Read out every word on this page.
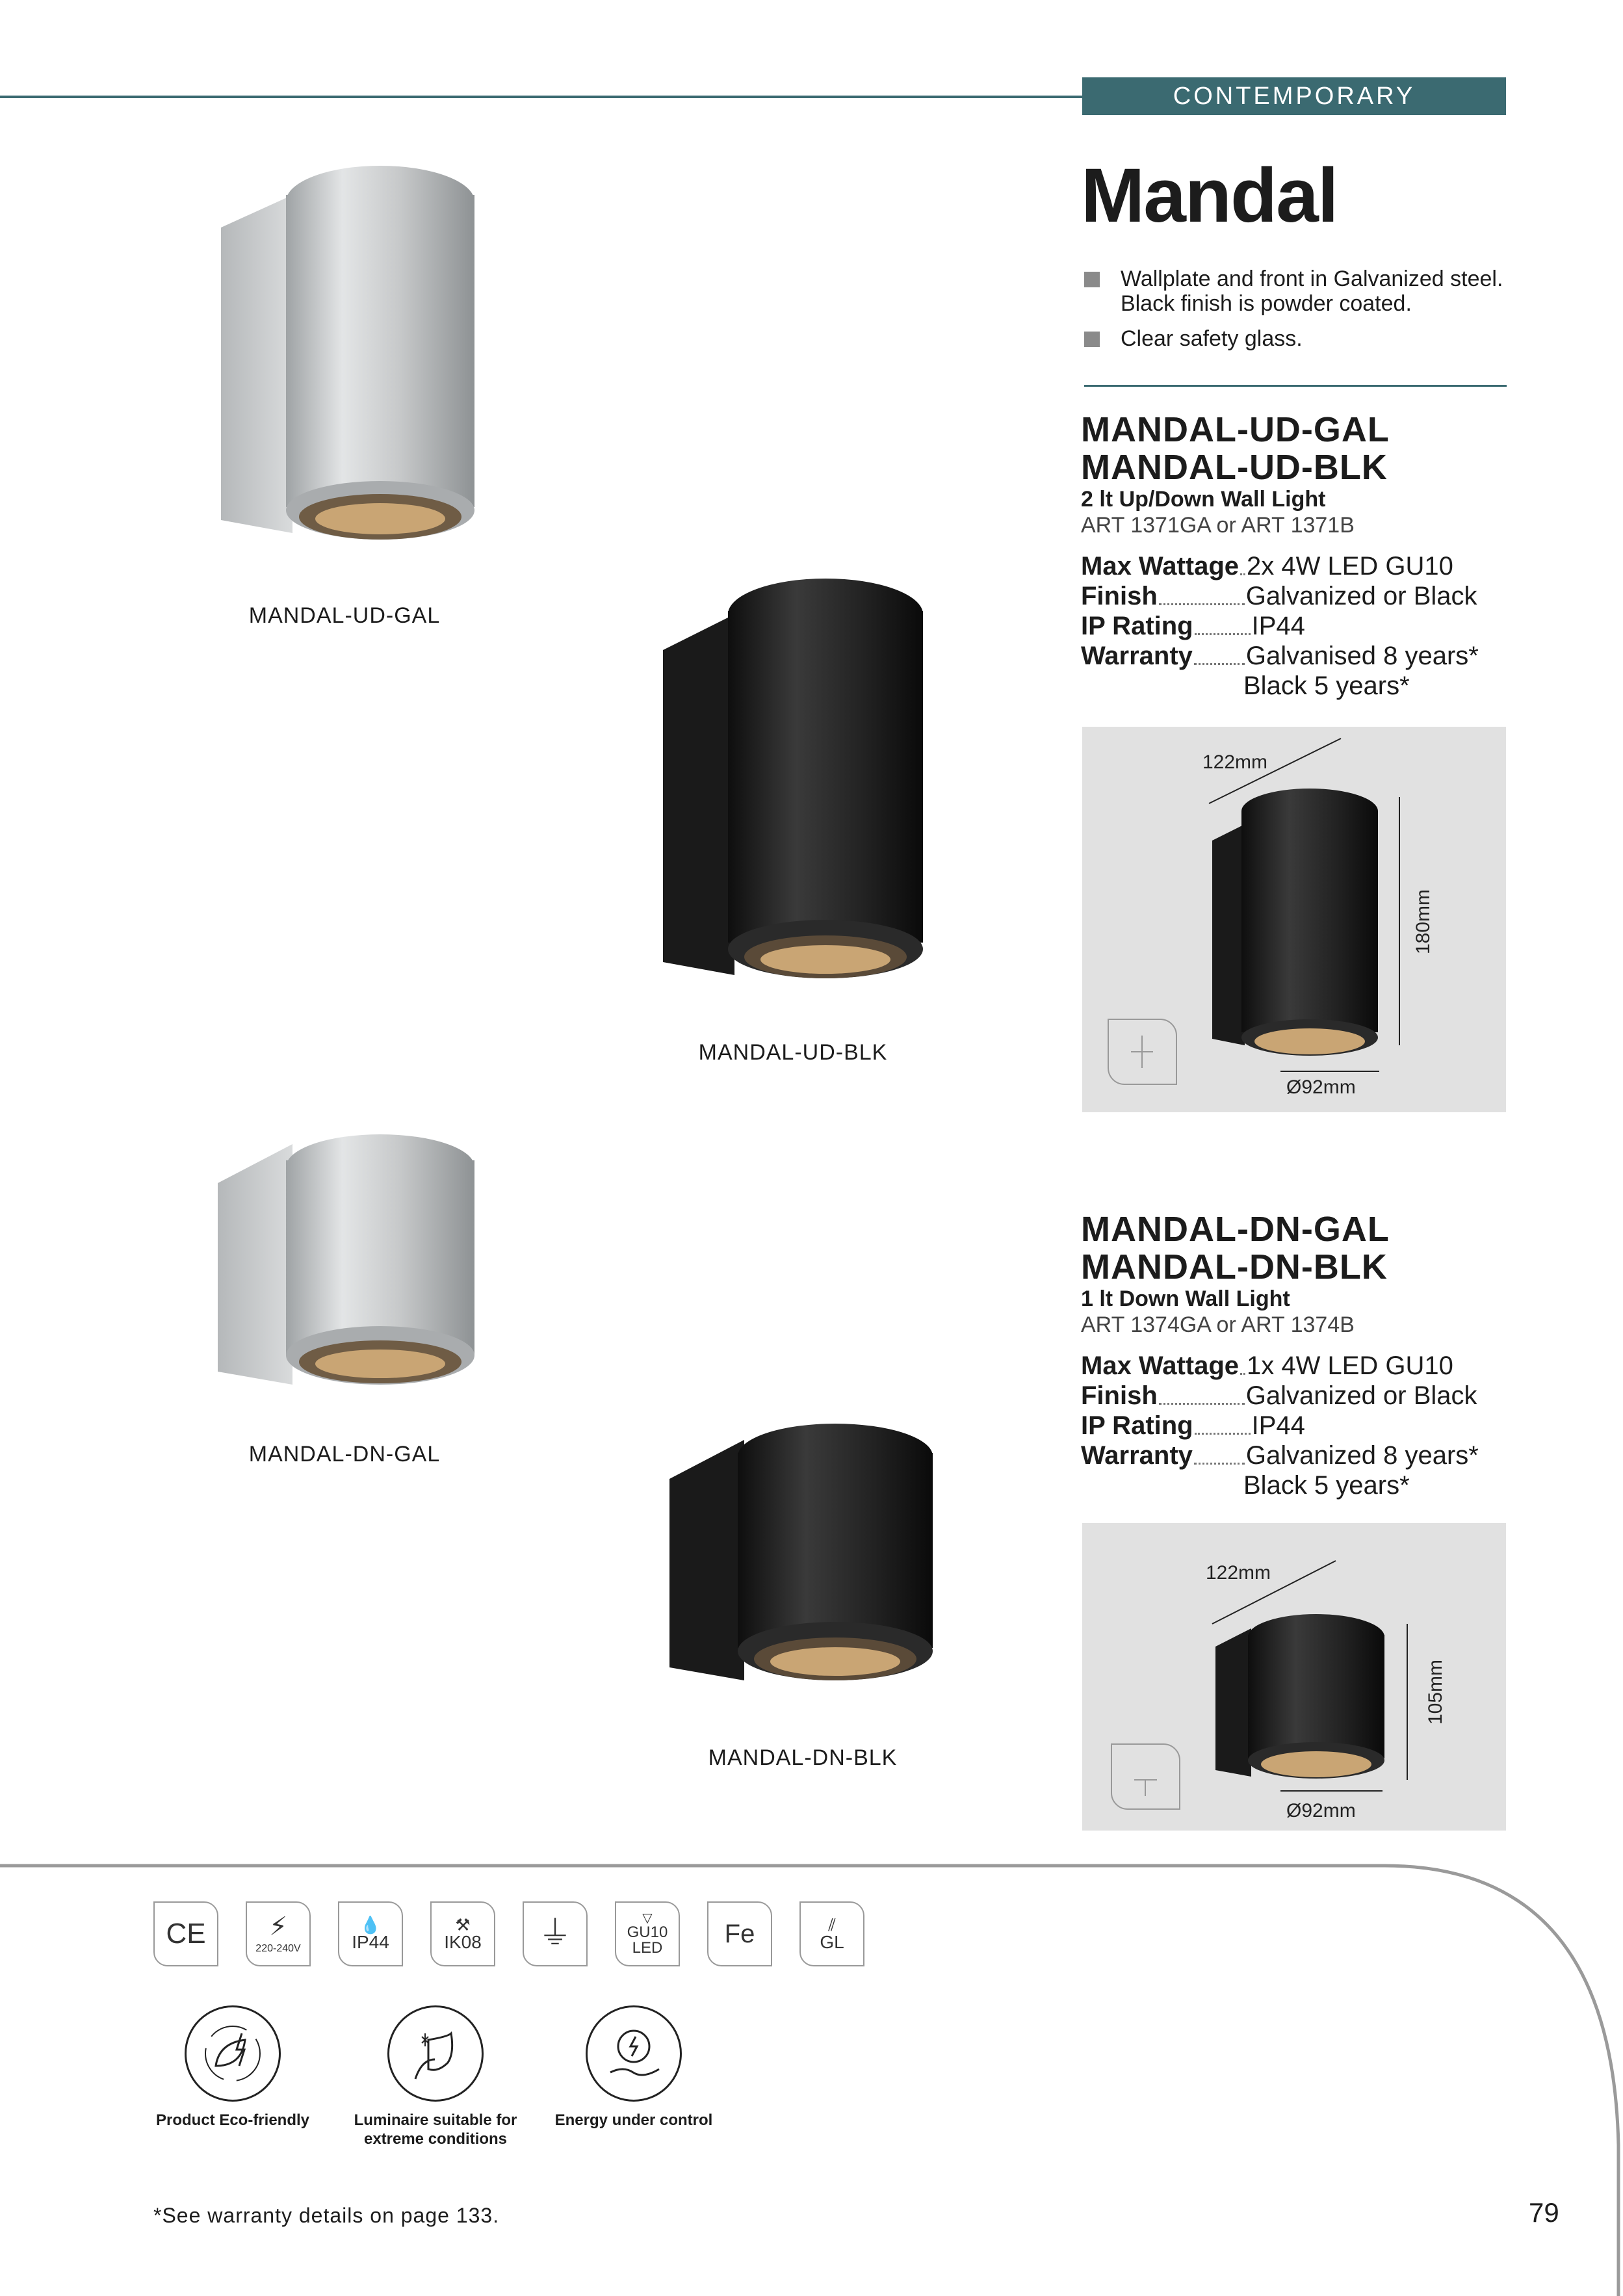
CONTEMPORARY
Mandal
Wallplate and front in Galvanized steel. Black finish is powder coated.
Clear safety glass.
MANDAL-UD-GAL
MANDAL-UD-BLK
MANDAL-DN-GAL
MANDAL-DN-BLK
MANDAL-UD-GAL
MANDAL-UD-BLK
2 lt Up/Down Wall Light
ART 1371GA or ART 1371B
Max Wattage 2x 4W LED GU10
Finish	Galvanized or Black
IP Rating IP44
Warranty Galvanised 8 years*
Black 5 years*
122mm
180mm
Ø92mm
MANDAL-DN-GAL
MANDAL-DN-BLK
1 lt Down Wall Light
ART 1374GA or ART 1374B
Max Wattage 1x 4W LED GU10
Finish	Galvanized or Black
IP Rating IP44
Warranty Galvanized 8 years*
Black 5 years*
122mm
105mm
Ø92mm
CE ⚡
220-240V
💧
IP44
⚒
IK08 ⏚	▽
GU10
LED Fe	⫽
GL
Product Eco-friendly	Luminaire suitable for extreme conditions
Energy under control
*See warranty details on page 133.	79
